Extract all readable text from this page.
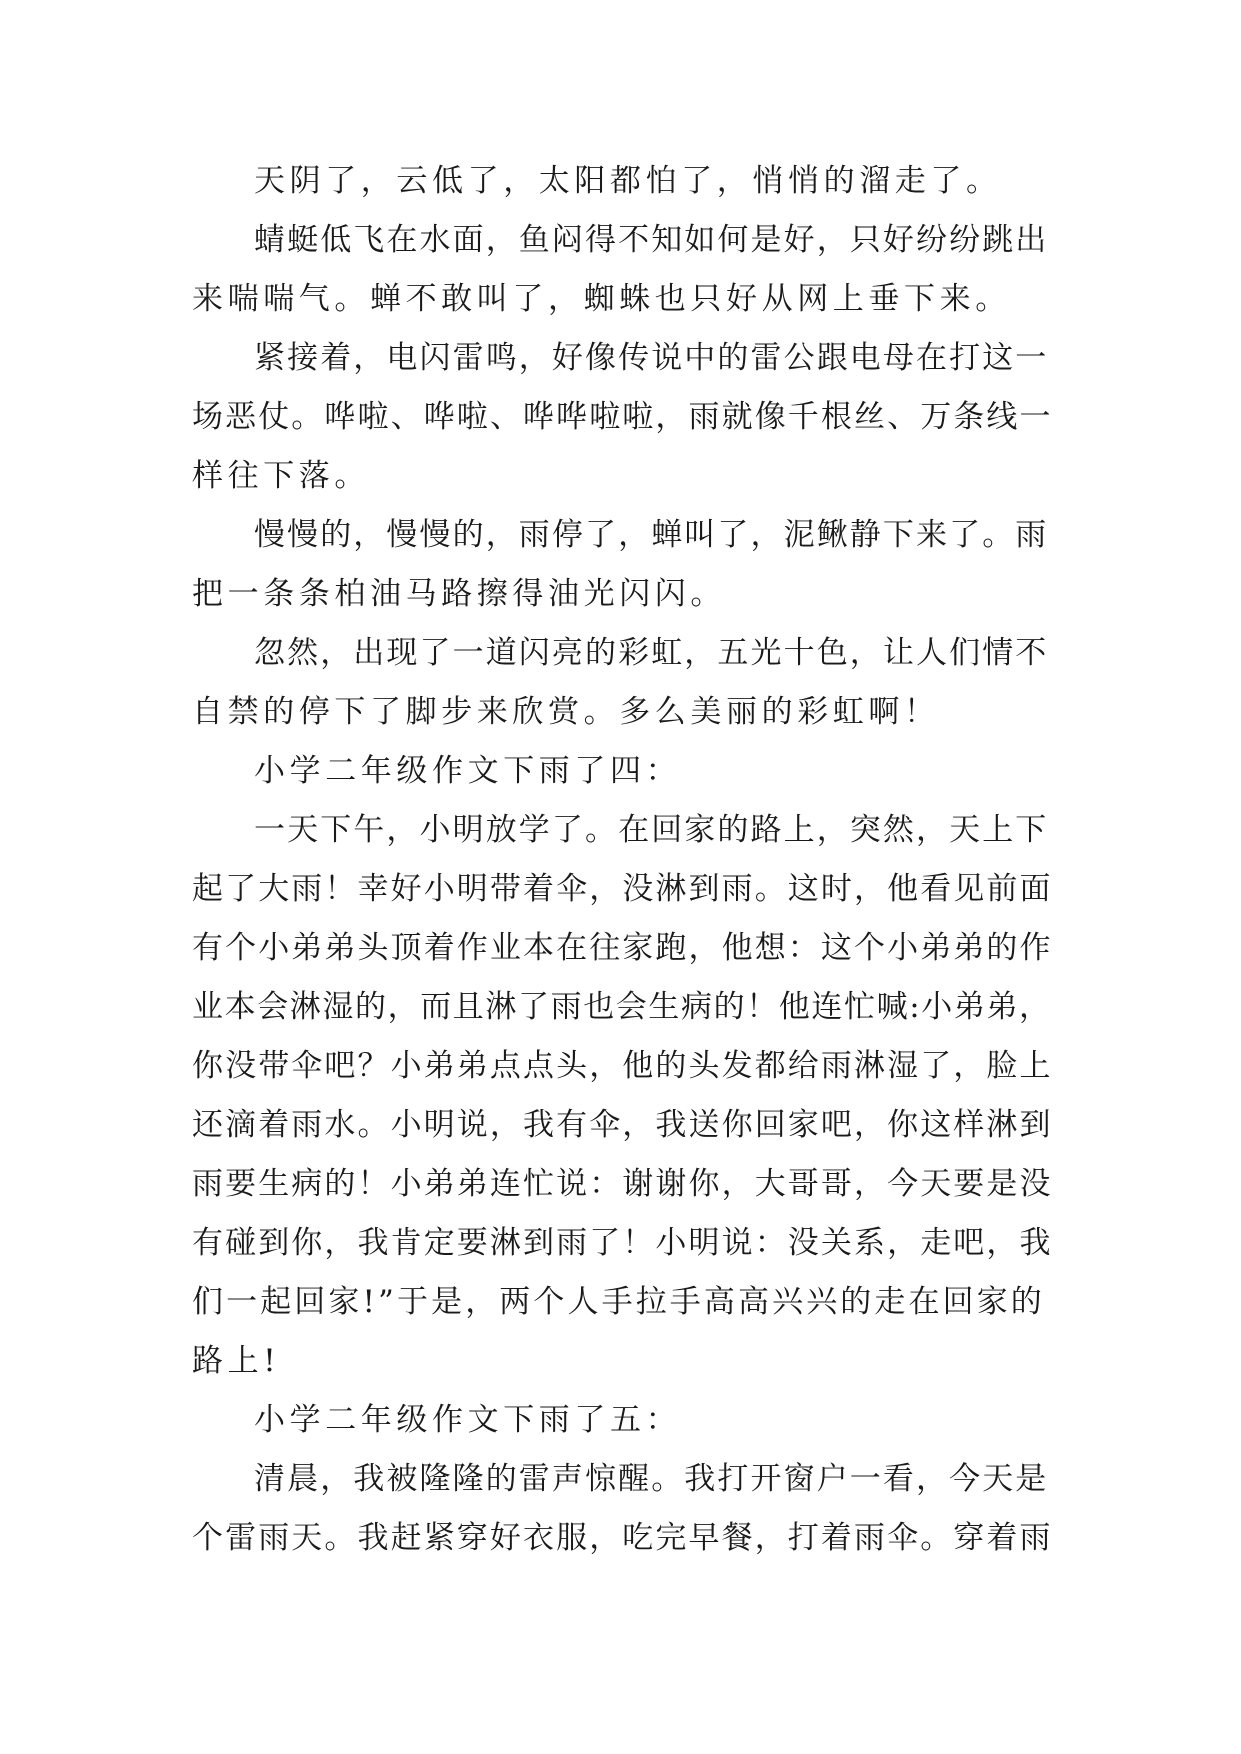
天阴了，云低了，太阳都怕了，悄悄的溜走了。
蜻蜓低飞在水面，鱼闷得不知如何是好，只好纷纷跳出
来喘喘气。蝉不敢叫了，蜘蛛也只好从网上垂下来。
紧接着，电闪雷鸣，好像传说中的雷公跟电母在打这一
场恶仗。哗啦、哗啦、哗哗啦啦，雨就像千根丝、万条线一
样往下落。
慢慢的，慢慢的，雨停了，蝉叫了，泥鳅静下来了。雨
把一条条柏油马路擦得油光闪闪。
忽然，出现了一道闪亮的彩虹，五光十色，让人们情不
自禁的停下了脚步来欣赏。多么美丽的彩虹啊！
小学二年级作文下雨了四：
一天下午，小明放学了。在回家的路上，突然，天上下
起了大雨！幸好小明带着伞，没淋到雨。这时，他看见前面
有个小弟弟头顶着作业本在往家跑，他想：这个小弟弟的作
业本会淋湿的，而且淋了雨也会生病的！他连忙喊:小弟弟，
你没带伞吧？小弟弟点点头，他的头发都给雨淋湿了，脸上
还滴着雨水。小明说，我有伞，我送你回家吧，你这样淋到
雨要生病的！小弟弟连忙说：谢谢你，大哥哥，今天要是没
有碰到你，我肯定要淋到雨了！小明说：没关系，走吧，我
们一起回家!”于是，两个人手拉手高高兴兴的走在回家的
路上!
小学二年级作文下雨了五：
清晨，我被隆隆的雷声惊醒。我打开窗户一看，今天是
个雷雨天。我赶紧穿好衣服，吃完早餐，打着雨伞。穿着雨
